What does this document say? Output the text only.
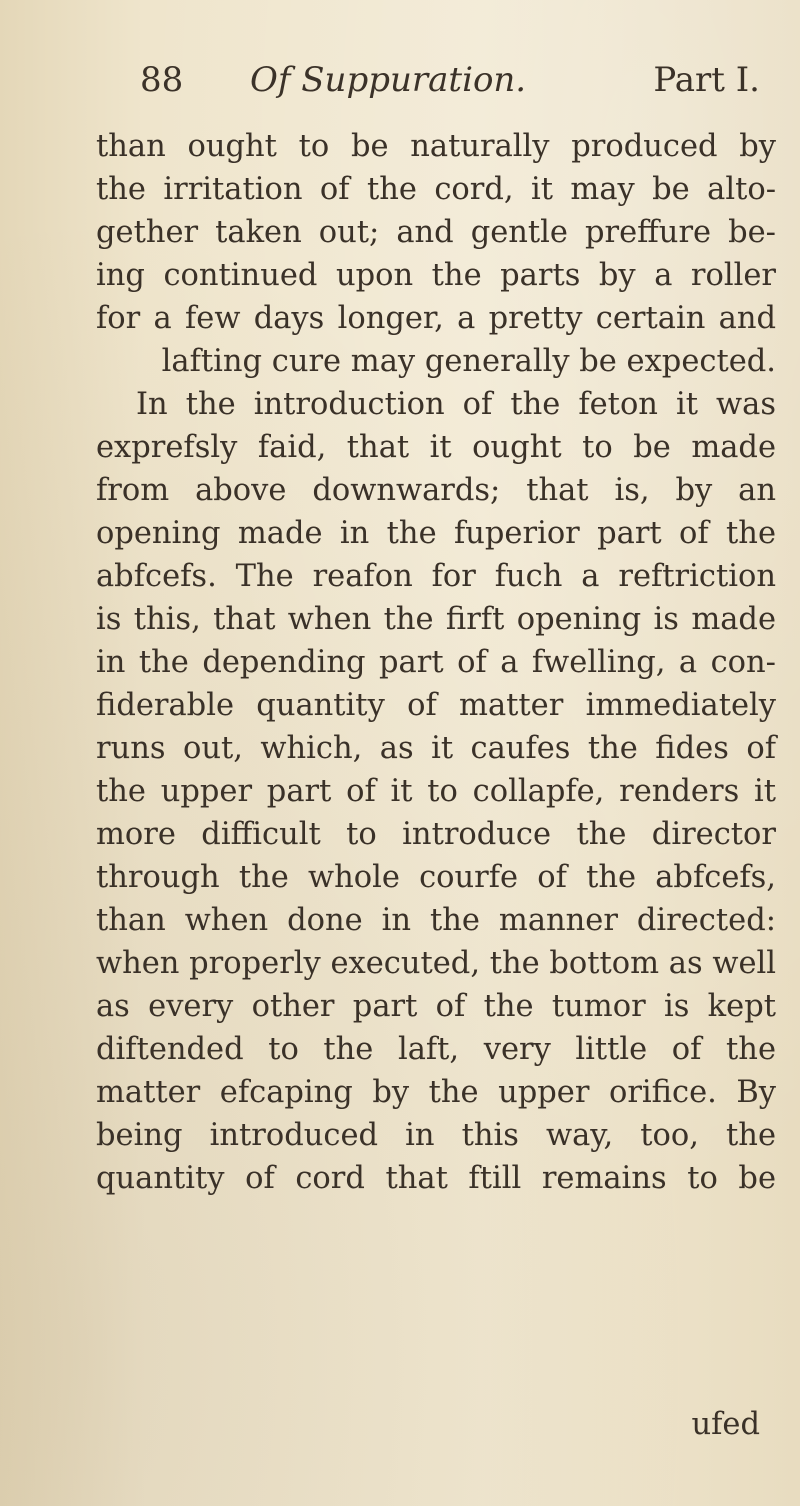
88 Of Suppuration.	Part I.
than ought to be naturally produced by
the irritation of the cord, it may be alto-
gether taken out; and gentle preffure be-
ing continued upon the parts by a roller
for a few days longer, a pretty certain and
lafting cure may generally be expected.
In the introduction of the feton it was
exprefsly faid, that it ought to be made
from above downwards; that is, by an
opening made in the fuperior part of the
abfcefs. The reafon for fuch a reftriction
is this, that when the firft opening is made
in the depending part of a fwelling, a con-
fiderable quantity of matter immediately
runs out, which, as it caufes the fides of
the upper part of it to collapfe, renders it
more difficult to introduce the director
through the whole courfe of the abfcefs,
than when done in the manner directed:
when properly executed, the bottom as well
as every other part of the tumor is kept
diftended to the laft, very little of the
matter efcaping by the upper orifice. By
being introduced in this way, too, the
quantity of cord that ftill remains to be
ufed
